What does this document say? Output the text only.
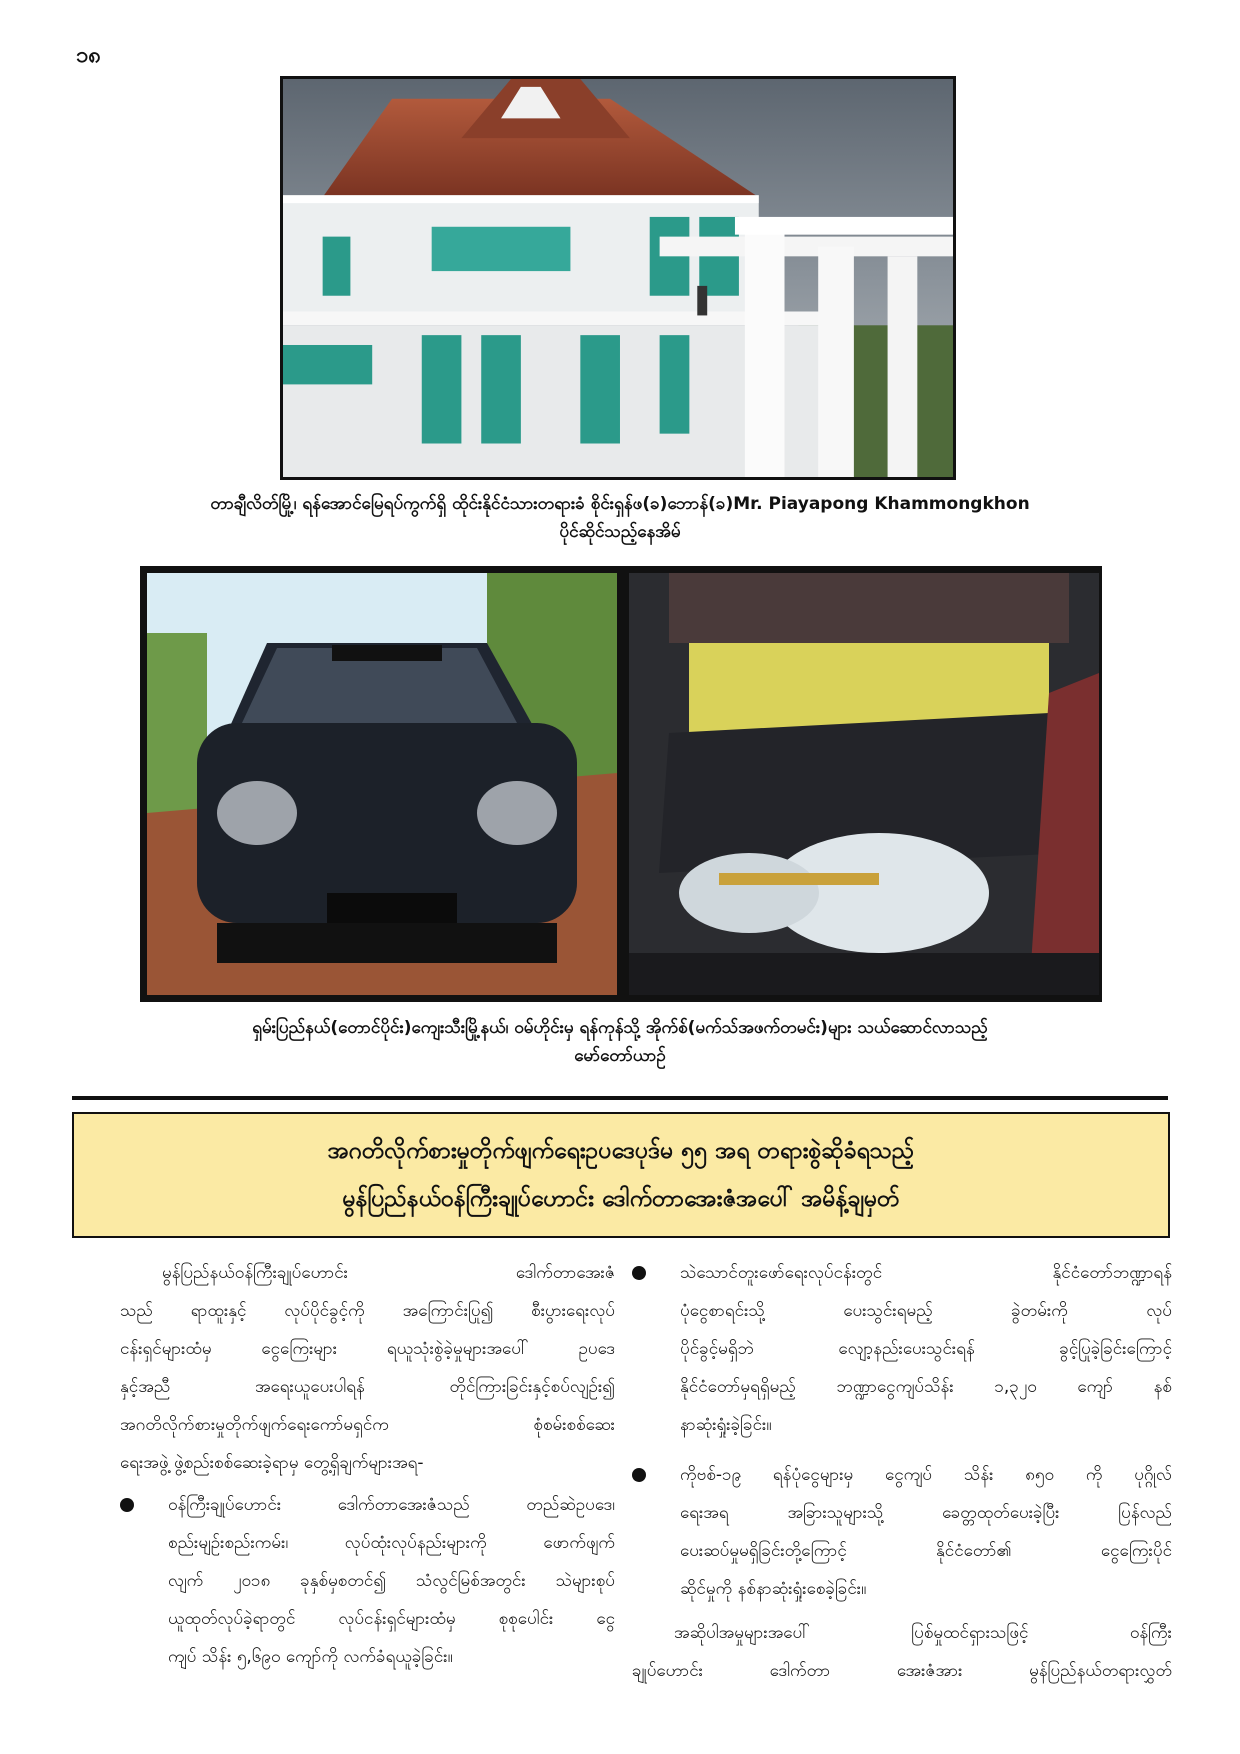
၁၈
တာချီလိတ်မြို့၊ ရန်အောင်မြေရပ်ကွက်ရှိ ထိုင်းနိုင်ငံသားတရားခံ စိုင်းရှန်ဖ(ခ)ဘောန်(ခ)Mr. Piayapong Khammongkhon
ပိုင်ဆိုင်သည့်နေအိမ်
ရှမ်းပြည်နယ်(တောင်ပိုင်း)ကျေးသီးမြို့နယ်၊ ဝမ်ဟိုင်းမှ ရန်ကုန်သို့ အိုက်စ်(မက်သ်အဖက်တမင်း)များ သယ်ဆောင်လာသည့်
မော်တော်ယာဉ်
အဂတိလိုက်စားမှုတိုက်ဖျက်ရေးဥပဒေပုဒ်မ ၅၅ အရ တရားစွဲဆိုခံရသည့်
မွန်ပြည်နယ်ဝန်ကြီးချုပ်ဟောင်း ဒေါက်တာအေးဇံအပေါ် အမိန့်ချမှတ်
မွန်ပြည်နယ်ဝန်ကြီးချုပ်ဟောင်း ဒေါက်တာအေးဇံ
သည် ရာထူးနှင့် လုပ်ပိုင်ခွင့်ကို အကြောင်းပြု၍ စီးပွားရေးလုပ်
ငန်းရှင်များထံမှ ငွေကြေးများ ရယူသုံးစွဲခဲ့မှုများအပေါ် ဥပဒေ
နှင့်အညီ အရေးယူပေးပါရန် တိုင်ကြားခြင်းနှင့်စပ်လျဉ်း၍
အဂတိလိုက်စားမှုတိုက်ဖျက်ရေးကော်မရှင်က စုံစမ်းစစ်ဆေး
ရေးအဖွဲ့ ဖွဲ့စည်းစစ်ဆေးခဲ့ရာမှ တွေ့ရှိချက်များအရ-
ဝန်ကြီးချုပ်ဟောင်း ဒေါက်တာအေးဇံသည် တည်ဆဲဥပဒေ၊
စည်းမျဉ်းစည်းကမ်း၊ လုပ်ထုံးလုပ်နည်းများကို ဖောက်ဖျက်
လျက် ၂၀၁၈ ခုနှစ်မှစတင်၍ သံလွင်မြစ်အတွင်း သဲများစုပ်
ယူထုတ်လုပ်ခဲ့ရာတွင် လုပ်ငန်းရှင်များထံမှ စုစုပေါင်း ငွေ
ကျပ် သိန်း ၅,၆၉၀ ကျော်ကို လက်ခံရယူခဲ့ခြင်း။
သဲသောင်တူးဖော်ရေးလုပ်ငန်းတွင် နိုင်ငံတော်ဘဏ္ဍာရန်
ပုံငွေစာရင်းသို့ ပေးသွင်းရမည့် ခွဲတမ်းကို လုပ်
ပိုင်ခွင့်မရှိဘဲ လျော့နည်းပေးသွင်းရန် ခွင့်ပြုခဲ့ခြင်းကြောင့်
နိုင်ငံတော်မှရရှိမည့် ဘဏ္ဍာငွေကျပ်သိန်း ၁,၃၂၀ ကျော် နစ်
နာဆုံးရှုံးခဲ့ခြင်း။
ကိုဗစ်-၁၉ ရန်ပုံငွေများမှ ငွေကျပ် သိန်း ၈၅၀ ကို ပုဂ္ဂိုလ်
ရေးအရ အခြားသူများသို့ ခေတ္တထုတ်ပေးခဲ့ပြီး ပြန်လည်
ပေးဆပ်မှုမရှိခြင်းတို့ကြောင့် နိုင်ငံတော်၏ ငွေကြေးပိုင်
ဆိုင်မှုကို နစ်နာဆုံးရှုံးစေခဲ့ခြင်း။
အဆိုပါအမှုများအပေါ် ပြစ်မှုထင်ရှားသဖြင့် ဝန်ကြီး
ချုပ်ဟောင်း ဒေါက်တာ အေးဇံအား မွန်ပြည်နယ်တရားလွှတ်
